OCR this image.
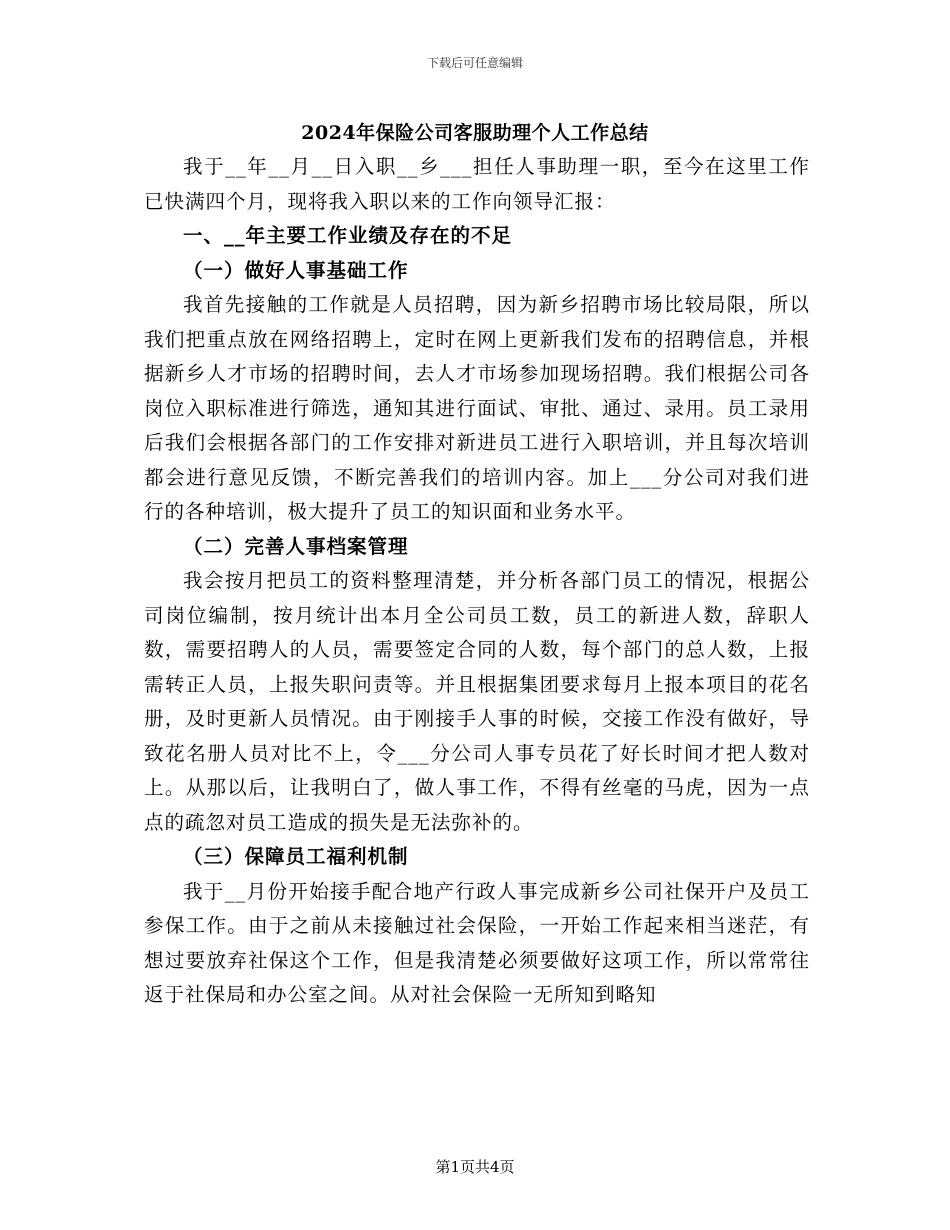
下载后可任意编辑
2024年保险公司客服助理个人工作总结

我于__年__月__日入职__乡___担任人事助理一职，至今在这里工作已快满四个月，现将我入职以来的工作向领导汇报：

一、__年主要工作业绩及存在的不足

（一）做好人事基础工作

我首先接触的工作就是人员招聘，因为新乡招聘市场比较局限，所以我们把重点放在网络招聘上，定时在网上更新我们发布的招聘信息，并根据新乡人才市场的招聘时间，去人才市场参加现场招聘。我们根据公司各岗位入职标准进行筛选，通知其进行面试、审批、通过、录用。员工录用后我们会根据各部门的工作安排对新进员工进行入职培训，并且每次培训都会进行意见反馈，不断完善我们的培训内容。加上___分公司对我们进行的各种培训，极大提升了员工的知识面和业务水平。

（二）完善人事档案管理

我会按月把员工的资料整理清楚，并分析各部门员工的情况，根据公司岗位编制，按月统计出本月全公司员工数，员工的新进人数，辞职人数，需要招聘人的人员，需要签定合同的人数，每个部门的总人数，上报需转正人员，上报失职问责等。并且根据集团要求每月上报本项目的花名册，及时更新人员情况。由于刚接手人事的时候，交接工作没有做好，导致花名册人员对比不上，令___分公司人事专员花了好长时间才把人数对上。从那以后，让我明白了，做人事工作，不得有丝毫的马虎，因为一点点的疏忽对员工造成的损失是无法弥补的。

（三）保障员工福利机制

我于__月份开始接手配合地产行政人事完成新乡公司社保开户及员工参保工作。由于之前从未接触过社会保险，一开始工作起来相当迷茫，有想过要放弃社保这个工作，但是我清楚必须要做好这项工作，所以常常往返于社保局和办公室之间。从对社会保险一无所知到略知

第1页共4页
